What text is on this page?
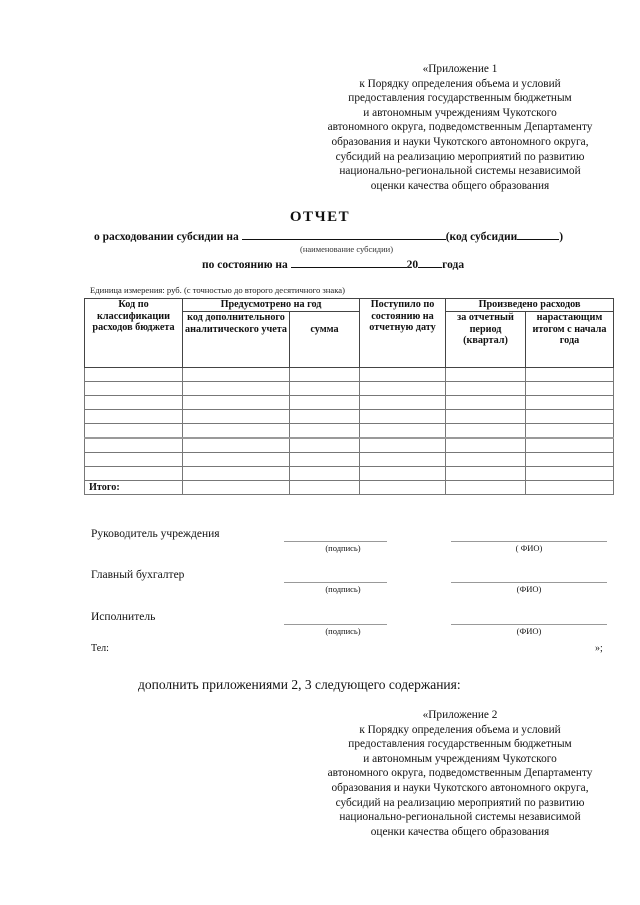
«Приложение 1
к Порядку определения объема и условий
предоставления государственным бюджетным
и автономным учреждениям Чукотского
автономного округа, подведомственным Департаменту
образования и науки Чукотского автономного округа,
субсидий на реализацию мероприятий по развитию
национально-региональной системы независимой
оценки качества общего образования
ОТЧЕТ
о расходовании субсидии на	(код субсидии	)
(наименование субсидии)
по состоянию на	20 года
Единица измерения: руб. (с точностью до второго десятичного знака)
Код по классификации расходов бюджета	Предусмотрено на год		Поступило по состоянию на отчетную дату	Произведено расходов	
	код дополнительного аналитического учета	сумма		за отчетный период (квартал)	нарастающим итогом с начала года

Итого:					
Руководитель учреждения
(подпись)	( ФИО)
Главный бухгалтер
(подпись)	(ФИО)
Исполнитель
(подпись)	(ФИО)
Тел:	»;
дополнить приложениями 2, 3 следующего содержания:
«Приложение 2
к Порядку определения объема и условий
предоставления государственным бюджетным
и автономным учреждениям Чукотского
автономного округа, подведомственным Департаменту
образования и науки Чукотского автономного округа,
субсидий на реализацию мероприятий по развитию
национально-региональной системы независимой
оценки качества общего образования
